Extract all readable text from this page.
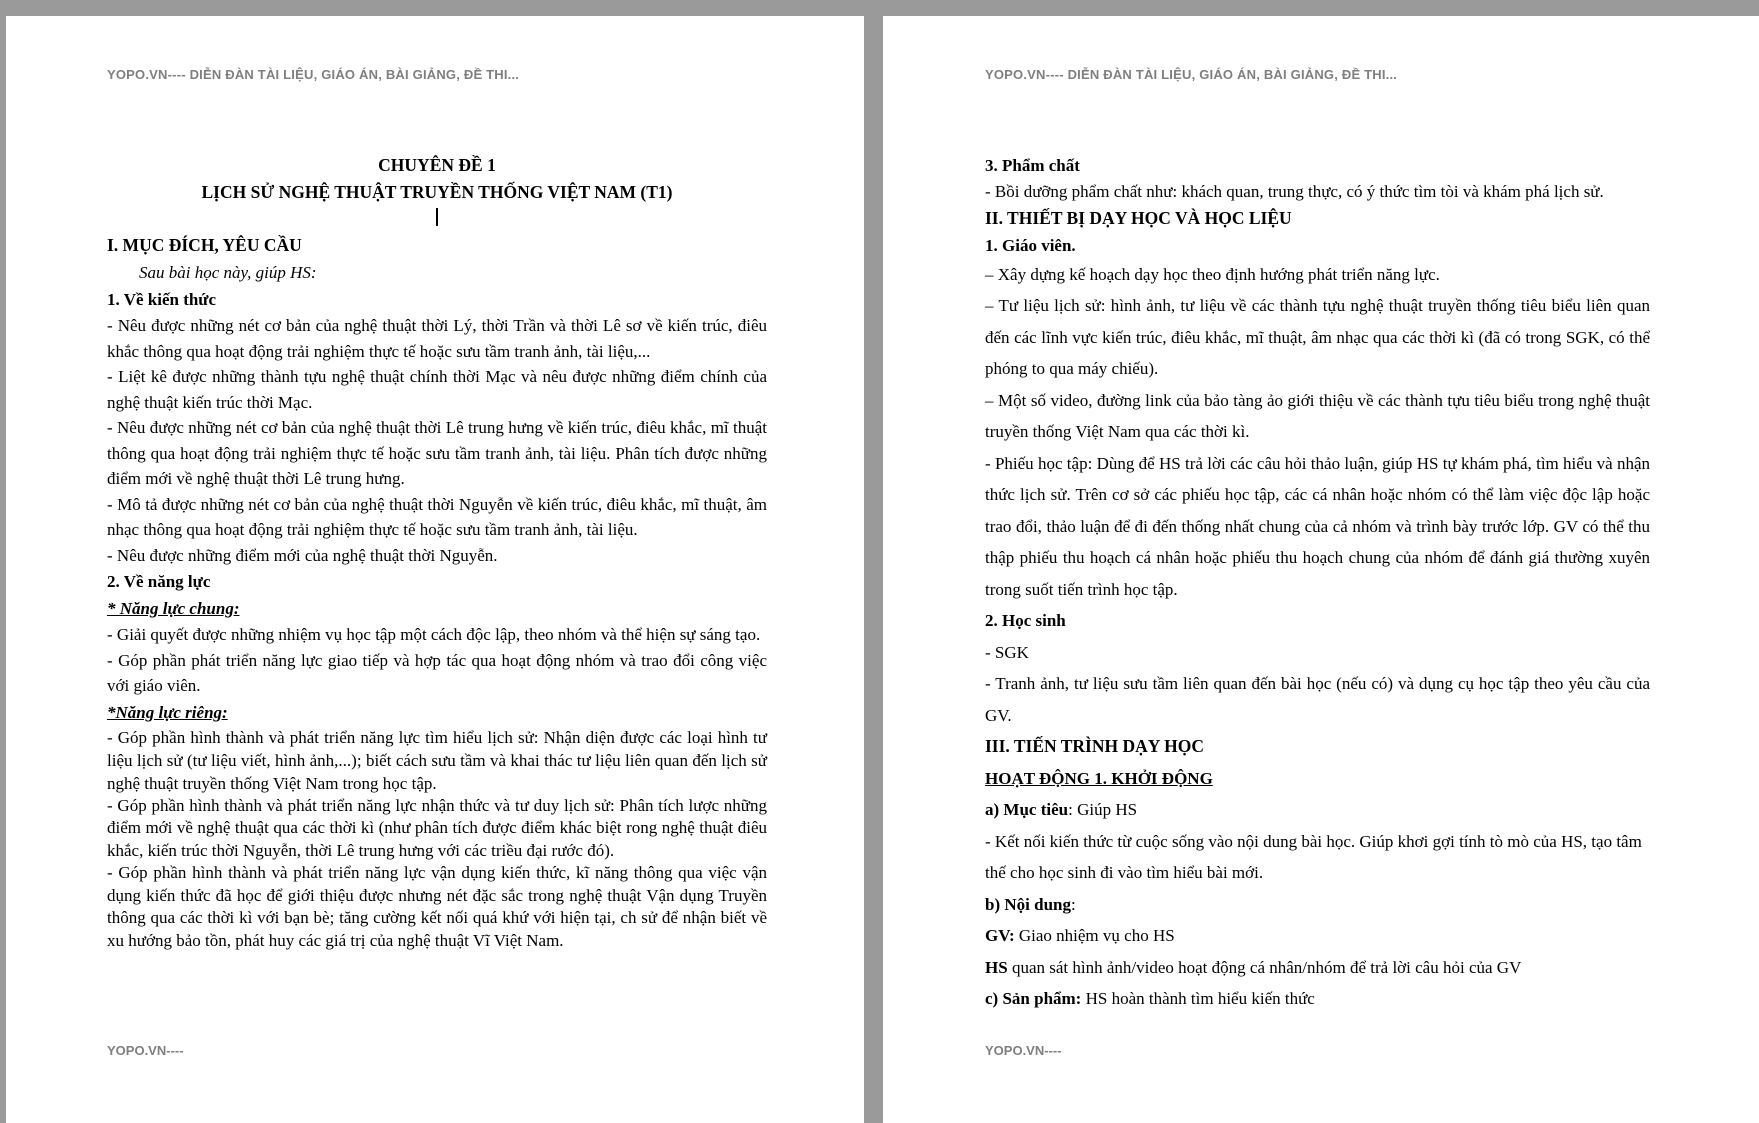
YOPO.VN---- DIỄN ĐÀN TÀI LIỆU, GIÁO ÁN, BÀI GIẢNG, ĐỀ THI...

CHUYÊN ĐỀ 1

LỊCH SỬ NGHỆ THUẬT TRUYỀN THỐNG VIỆT NAM (T1)

I. MỤC ĐÍCH, YÊU CẦU

Sau bài học này, giúp HS:

1. Về kiến thức

- Nêu được những nét cơ bản của nghệ thuật thời Lý, thời Trần và thời Lê sơ về kiến trúc, điêu khắc thông qua hoạt động trải nghiệm thực tế hoặc sưu tầm tranh ảnh, tài liệu,...

- Liệt kê được những thành tựu nghệ thuật chính thời Mạc và nêu được những điểm chính của nghệ thuật kiến trúc thời Mạc.

- Nêu được những nét cơ bản của nghệ thuật thời Lê trung hưng về kiến trúc, điêu khắc, mĩ thuật thông qua hoạt động trải nghiệm thực tế hoặc sưu tầm tranh ảnh, tài liệu. Phân tích được những điểm mới về nghệ thuật thời Lê trung hưng.

- Mô tả được những nét cơ bản của nghệ thuật thời Nguyễn về kiến trúc, điêu khắc, mĩ thuật, âm nhạc thông qua hoạt động trải nghiệm thực tế hoặc sưu tầm tranh ảnh, tài liệu.

- Nêu được những điểm mới của nghệ thuật thời Nguyễn.

2. Về năng lực

* Năng lực chung:

- Giải quyết được những nhiệm vụ học tập một cách độc lập, theo nhóm và thể hiện sự sáng tạo.

- Góp phần phát triển năng lực giao tiếp và hợp tác qua hoạt động nhóm và trao đổi công việc với giáo viên.

*Năng lực riêng:

- Góp phần hình thành và phát triển năng lực tìm hiểu lịch sử: Nhận diện được các loại hình tư liệu lịch sử (tư liệu viết, hình ảnh,...); biết cách sưu tầm và khai thác tư liệu liên quan đến lịch sử nghệ thuật truyền thống Việt Nam trong học tập.

- Góp phần hình thành và phát triển năng lực nhận thức và tư duy lịch sử: Phân tích lược những điểm mới về nghệ thuật qua các thời kì (như phân tích được điểm khác biệt rong nghệ thuật điêu khắc, kiến trúc thời Nguyễn, thời Lê trung hưng với các triều đại rước đó).

- Góp phần hình thành và phát triển năng lực vận dụng kiến thức, kĩ năng thông qua việc vận dụng kiến thức đã học để giới thiệu được nhưng nét đặc sắc trong nghệ thuật Vận dụng Truyền thông qua các thời kì với bạn bè; tăng cường kết nối quá khứ với hiện tại, ch sử để nhận biết về xu hướng bảo tồn, phát huy các giá trị của nghệ thuật Vĩ Việt Nam.

YOPO.VN----
YOPO.VN---- DIỄN ĐÀN TÀI LIỆU, GIÁO ÁN, BÀI GIẢNG, ĐỀ THI...

3. Phẩm chất

- Bồi dưỡng phẩm chất như: khách quan, trung thực, có ý thức tìm tòi và khám phá lịch sử.

II. THIẾT BỊ DẠY HỌC VÀ HỌC LIỆU

1. Giáo viên.

– Xây dựng kế hoạch dạy học theo định hướng phát triển năng lực.

– Tư liệu lịch sử: hình ảnh, tư liệu về các thành tựu nghệ thuật truyền thống tiêu biểu liên quan đến các lĩnh vực kiến trúc, điêu khắc, mĩ thuật, âm nhạc qua các thời kì (đã có trong SGK, có thể phóng to qua máy chiếu).

– Một số video, đường link của bảo tàng ảo giới thiệu về các thành tựu tiêu biểu trong nghệ thuật truyền thống Việt Nam qua các thời kì.

- Phiếu học tập: Dùng để HS trả lời các câu hỏi thảo luận, giúp HS tự khám phá, tìm hiểu và nhận thức lịch sử. Trên cơ sở các phiếu học tập, các cá nhân hoặc nhóm có thể làm việc độc lập hoặc trao đổi, thảo luận để đi đến thống nhất chung của cả nhóm và trình bày trước lớp. GV có thể thu thập phiếu thu hoạch cá nhân hoặc phiếu thu hoạch chung của nhóm để đánh giá thường xuyên trong suốt tiến trình học tập.

2. Học sinh

- SGK

- Tranh ảnh, tư liệu sưu tầm liên quan đến bài học (nếu có) và dụng cụ học tập theo yêu cầu của GV.

III. TIẾN TRÌNH DẠY HỌC

HOẠT ĐỘNG 1. KHỞI ĐỘNG

a) Mục tiêu: Giúp HS

- Kết nối kiến thức từ cuộc sống vào nội dung bài học. Giúp khơi gợi tính tò mò của HS, tạo tâm thế cho học sinh đi vào tìm hiểu bài mới.

b) Nội dung:

GV: Giao nhiệm vụ cho HS

HS quan sát hình ảnh/video hoạt động cá nhân/nhóm để trả lời câu hỏi của GV

c) Sản phẩm: HS hoàn thành tìm hiểu kiến thức

YOPO.VN----
